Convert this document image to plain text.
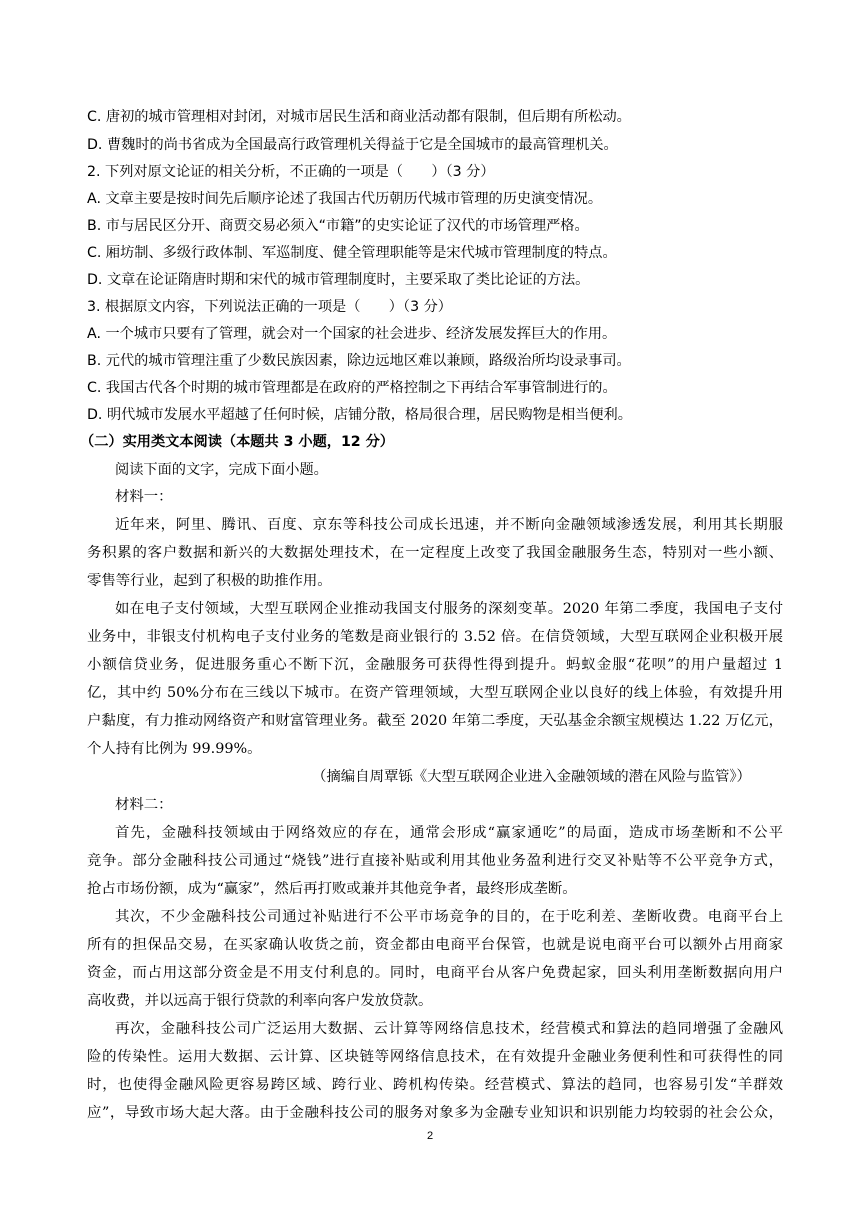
C. 唐初的城市管理相对封闭，对城市居民生活和商业活动都有限制，但后期有所松动。
D. 曹魏时的尚书省成为全国最高行政管理机关得益于它是全国城市的最高管理机关。
2. 下列对原文论证的相关分析，不正确的一项是（　　）（3 分）
A. 文章主要是按时间先后顺序论述了我国古代历朝历代城市管理的历史演变情况。
B. 市与居民区分开、商贾交易必须入“市籍”的史实论证了汉代的市场管理严格。
C. 厢坊制、多级行政体制、军巡制度、健全管理职能等是宋代城市管理制度的特点。
D. 文章在论证隋唐时期和宋代的城市管理制度时，主要采取了类比论证的方法。
3. 根据原文内容，下列说法正确的一项是（　　）（3 分）
A. 一个城市只要有了管理，就会对一个国家的社会进步、经济发展发挥巨大的作用。
B. 元代的城市管理注重了少数民族因素，除边远地区难以兼顾，路级治所均设录事司。
C. 我国古代各个时期的城市管理都是在政府的严格控制之下再结合军事管制进行的。
D. 明代城市发展水平超越了任何时候，店铺分散，格局很合理，居民购物是相当便利。
（二）实用类文本阅读（本题共 3 小题，12 分）
阅读下面的文字，完成下面小题。
材料一：
近年来，阿里、腾讯、百度、京东等科技公司成长迅速，并不断向金融领域渗透发展，利用其长期服
务积累的客户数据和新兴的大数据处理技术，在一定程度上改变了我国金融服务生态，特别对一些小额、
零售等行业，起到了积极的助推作用。
如在电子支付领域，大型互联网企业推动我国支付服务的深刻变革。2020 年第二季度，我国电子支付
业务中，非银支付机构电子支付业务的笔数是商业银行的 3.52 倍。在信贷领域，大型互联网企业积极开展
小额信贷业务，促进服务重心不断下沉，金融服务可获得性得到提升。蚂蚁金服“花呗”的用户量超过 1
亿，其中约 50%分布在三线以下城市。在资产管理领域，大型互联网企业以良好的线上体验，有效提升用
户黏度，有力推动网络资产和财富管理业务。截至 2020 年第二季度，天弘基金余额宝规模达 1.22 万亿元，
个人持有比例为 99.99%。
（摘编自周覃铄《大型互联网企业进入金融领域的潜在风险与监管》）
材料二：
首先，金融科技领域由于网络效应的存在，通常会形成“赢家通吃”的局面，造成市场垄断和不公平
竞争。部分金融科技公司通过“烧钱”进行直接补贴或利用其他业务盈利进行交叉补贴等不公平竞争方式，
抢占市场份额，成为“赢家”，然后再打败或兼并其他竞争者，最终形成垄断。
其次，不少金融科技公司通过补贴进行不公平市场竞争的目的，在于吃利差、垄断收费。电商平台上
所有的担保品交易，在买家确认收货之前，资金都由电商平台保管，也就是说电商平台可以额外占用商家
资金，而占用这部分资金是不用支付利息的。同时，电商平台从客户免费起家，回头利用垄断数据向用户
高收费，并以远高于银行贷款的利率向客户发放贷款。
再次，金融科技公司广泛运用大数据、云计算等网络信息技术，经营模式和算法的趋同增强了金融风
险的传染性。运用大数据、云计算、区块链等网络信息技术，在有效提升金融业务便利性和可获得性的同
时，也使得金融风险更容易跨区域、跨行业、跨机构传染。经营模式、算法的趋同，也容易引发“羊群效
应”，导致市场大起大落。由于金融科技公司的服务对象多为金融专业知识和识别能力均较弱的社会公众，
2
